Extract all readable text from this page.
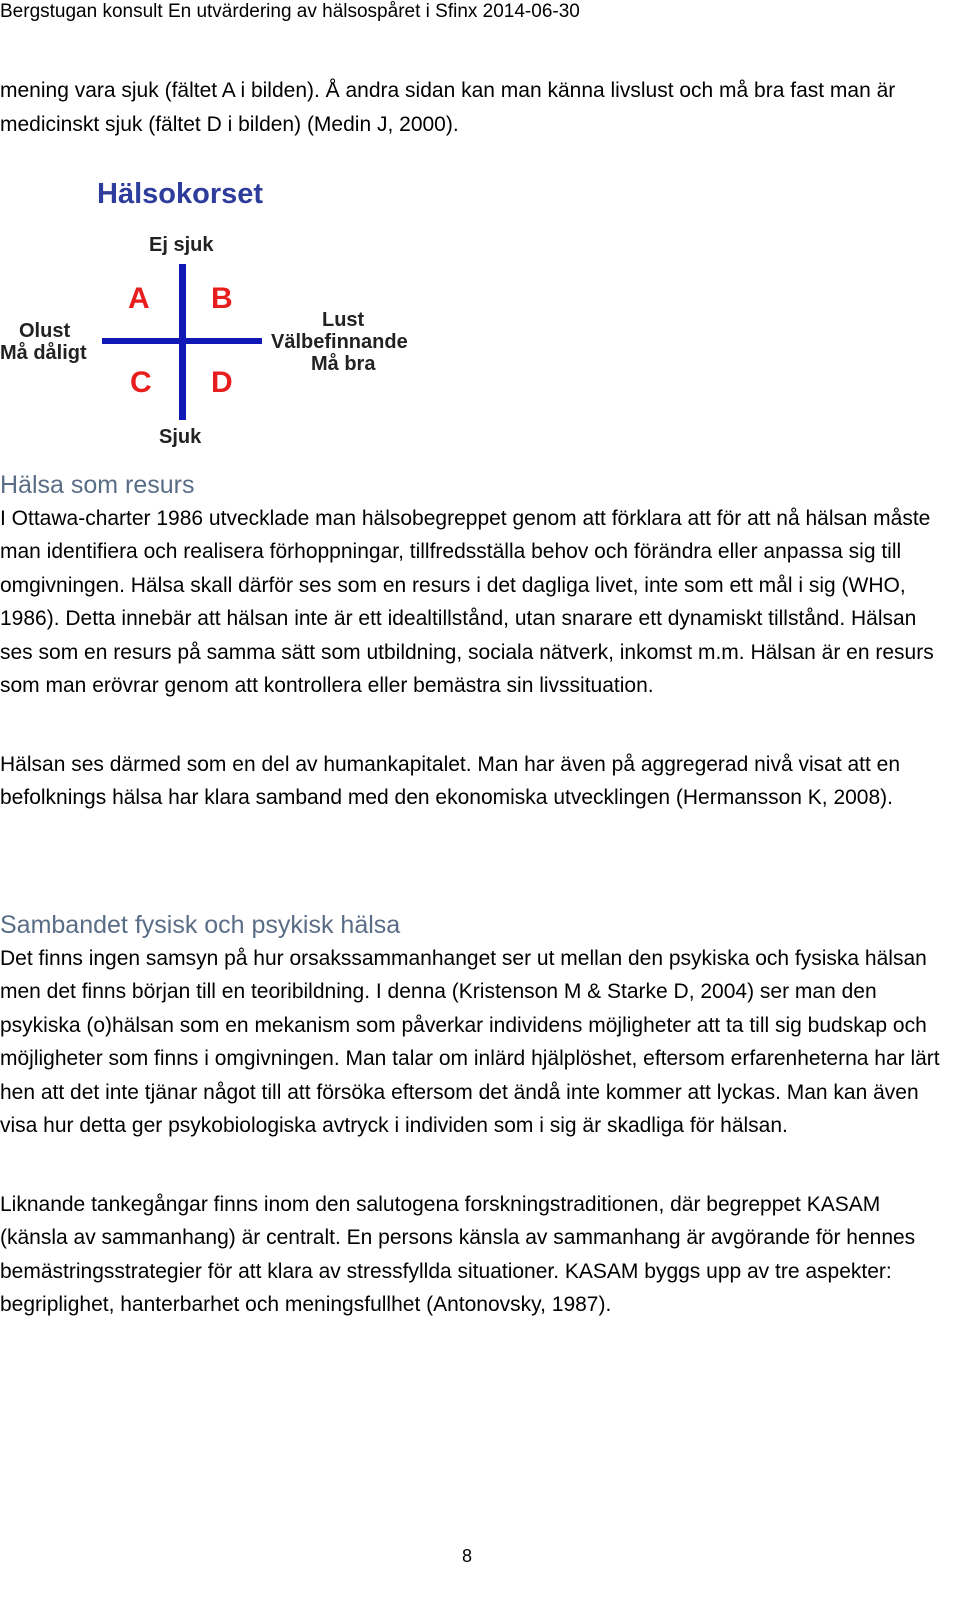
Bergstugan konsult En utvärdering av hälsospåret i Sfinx 2014-06-30

mening vara sjuk (fältet A i bilden). Å andra sidan kan man känna livslust och må bra fast man är medicinskt sjuk (fältet D i bilden) (Medin J, 2000).

Hälsokorset
Ej sjuk
A B
C D
Olust
Må dåligt
Lust
Välbefinnande
Må bra
Sjuk
Hälsa som resurs

I Ottawa-charter 1986 utvecklade man hälsobegreppet genom att förklara att för att nå hälsan måste man identifiera och realisera förhoppningar, tillfredsställa behov och förändra eller anpassa sig till omgivningen. Hälsa skall därför ses som en resurs i det dagliga livet, inte som ett mål i sig (WHO, 1986). Detta innebär att hälsan inte är ett idealtillstånd, utan snarare ett dynamiskt tillstånd. Hälsan ses som en resurs på samma sätt som utbildning, sociala nätverk, inkomst m.m. Hälsan är en resurs som man erövrar genom att kontrollera eller bemästra sin livssituation.

Hälsan ses därmed som en del av humankapitalet. Man har även på aggregerad nivå visat att en befolknings hälsa har klara samband med den ekonomiska utvecklingen (Hermansson K, 2008).

Sambandet fysisk och psykisk hälsa

Det finns ingen samsyn på hur orsakssammanhanget ser ut mellan den psykiska och fysiska hälsan men det finns början till en teoribildning. I denna (Kristenson M & Starke D, 2004) ser man den psykiska (o)hälsan som en mekanism som påverkar individens möjligheter att ta till sig budskap och möjligheter som finns i omgivningen. Man talar om inlärd hjälplöshet, eftersom erfarenheterna har lärt hen att det inte tjänar något till att försöka eftersom det ändå inte kommer att lyckas. Man kan även visa hur detta ger psykobiologiska avtryck i individen som i sig är skadliga för hälsan.

Liknande tankegångar finns inom den salutogena forskningstraditionen, där begreppet KASAM (känsla av sammanhang) är centralt. En persons känsla av sammanhang är avgörande för hennes bemästringsstrategier för att klara av stressfyllda situationer. KASAM byggs upp av tre aspekter: begriplighet, hanterbarhet och meningsfullhet (Antonovsky, 1987).

8
